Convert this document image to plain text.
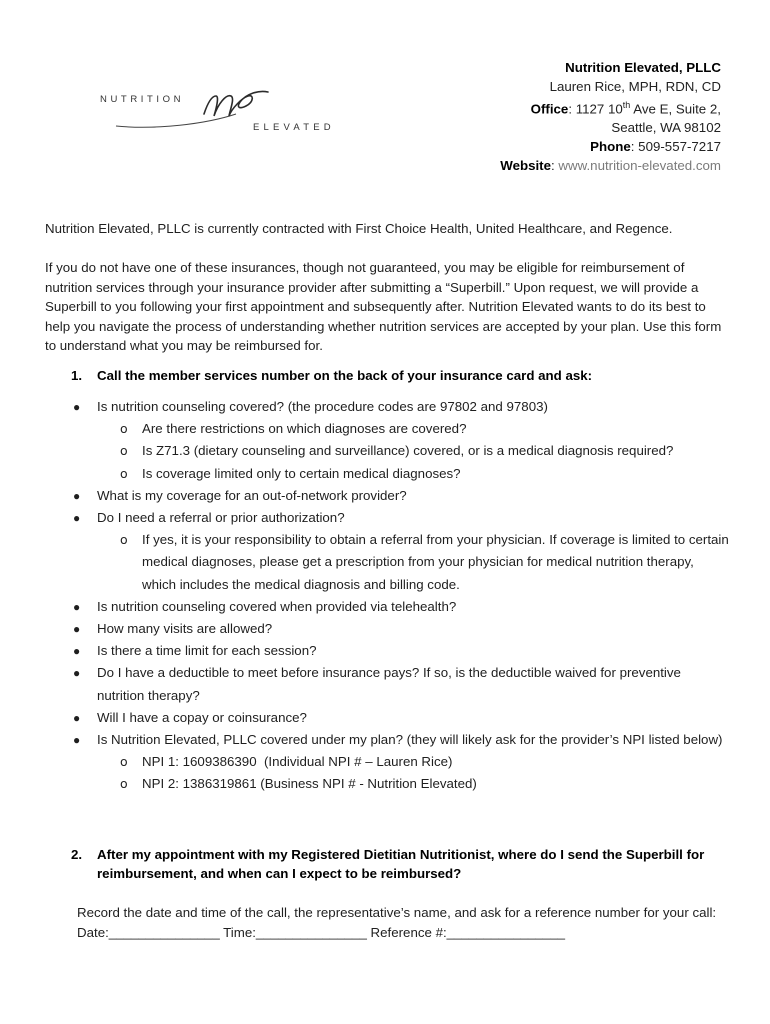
NUTRITION
ELEVATED
Nutrition Elevated, PLLC
Lauren Rice, MPH, RDN, CD
Office: 1127 10th Ave E, Suite 2,
Seattle, WA 98102
Phone: 509-557-7217
Website: www.nutrition-elevated.com
Nutrition Elevated, PLLC is currently contracted with First Choice Health, United Healthcare, and Regence.
If you do not have one of these insurances, though not guaranteed, you may be eligible for reimbursement of nutrition services through your insurance provider after submitting a “Superbill.” Upon request, we will provide a Superbill to you following your first appointment and subsequently after. Nutrition Elevated wants to do its best to help you navigate the process of understanding whether nutrition services are accepted by your plan. Use this form to understand what you may be reimbursed for.
1. Call the member services number on the back of your insurance card and ask:
● Is nutrition counseling covered? (the procedure codes are 97802 and 97803)
o Are there restrictions on which diagnoses are covered?
o Is Z71.3 (dietary counseling and surveillance) covered, or is a medical diagnosis required?
o Is coverage limited only to certain medical diagnoses?
● What is my coverage for an out-of-network provider?
● Do I need a referral or prior authorization?
o If yes, it is your responsibility to obtain a referral from your physician. If coverage is limited to certain medical diagnoses, please get a prescription from your physician for medical nutrition therapy, which includes the medical diagnosis and billing code.
● Is nutrition counseling covered when provided via telehealth?
● How many visits are allowed?
● Is there a time limit for each session?
● Do I have a deductible to meet before insurance pays? If so, is the deductible waived for preventive nutrition therapy?
● Will I have a copay or coinsurance?
● Is Nutrition Elevated, PLLC covered under my plan? (they will likely ask for the provider’s NPI listed below)
o NPI 1: 1609386390  (Individual NPI # – Lauren Rice)
o NPI 2: 1386319861 (Business NPI # - Nutrition Elevated)
2. After my appointment with my Registered Dietitian Nutritionist, where do I send the Superbill for
reimbursement, and when can I expect to be reimbursed?
Record the date and time of the call, the representative’s name, and ask for a reference number for your call: Date:_______________ Time:_______________ Reference #:________________
